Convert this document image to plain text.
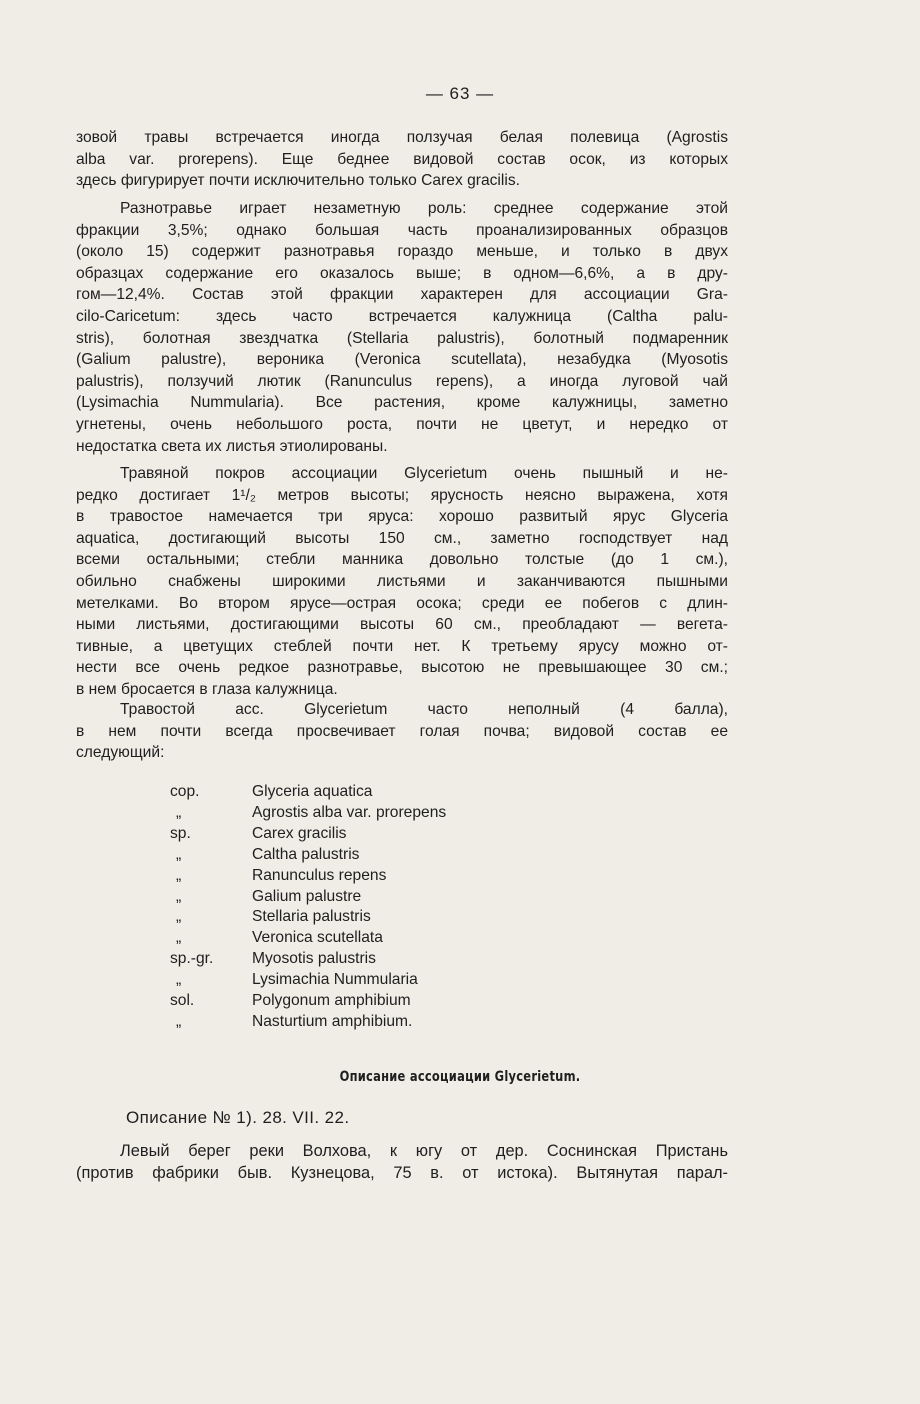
— 63 —

зовой травы встречается иногда ползучая белая полевица (Agrostis

alba var. prorepens). Еще беднее видовой состав осок, из которых

здесь фигурирует почти исключительно только Carex gracilis.

Разнотравье играет незаметную роль: среднее содержание этой

фракции 3,5%; однако большая часть проанализированных образцов

(около 15) содержит разнотравья гораздо меньше, и только в двух

образцах содержание его оказалось выше; в одном—6,6%, а в дру-

гом—12,4%. Состав этой фракции характерен для ассоциации Gra-

cilo-Caricetum: здесь часто встречается калужница (Caltha palu-

stris), болотная звездчатка (Stellaria palustris), болотный подмаренник

(Galium palustre), вероника (Veronica scutellata), незабудка (Myosotis

palustris), ползучий лютик (Ranunculus repens), а иногда луговой чай

(Lysimachia Nummularia). Все растения, кроме калужницы, заметно

угнетены, очень небольшого роста, почти не цветут, и нередко от

недостатка света их листья этиолированы.

Травяной покров ассоциации Glycerietum очень пышный и не-

редко достигает 1¹/₂ метров высоты; ярусность неясно выражена, хотя

в травостое намечается три яруса: хорошо развитый ярус Glyceria

aquatica, достигающий высоты 150 см., заметно господствует над

всеми остальными; стебли манника довольно толстые (до 1 см.),

обильно снабжены широкими листьями и заканчиваются пышными

метелками. Во втором ярусе—острая осока; среди ее побегов с длин-

ными листьями, достигающими высоты 60 см., преобладают — вегета-

тивные, а цветущих стеблей почти нет. К третьему ярусу можно от-

нести все очень редкое разнотравье, высотою не превышающее 30 см.;

в нем бросается в глаза калужница.

Травостой асс. Glycerietum часто неполный (4 балла),

в нем почти всегда просвечивает голая почва; видовой состав ее

следующий:

cop.	Glyceria aquatica
„	Agrostis alba var. prorepens
sp.	Carex gracilis
„	Caltha palustris
„	Ranunculus repens
„	Galium palustre
„	Stellaria palustris
„	Veronica scutellata
sp.-gr.	Myosotis palustris
„	Lysimachia Nummularia
sol.	Polygonum amphibium
„	Nasturtium amphibium.
Описание ассоциации Glycerietum.
Описание № 1). 28. VII. 22.

Левый берег реки Волхова, к югу от дер. Соснинская Пристань

(против фабрики быв. Кузнецова, 75 в. от истока). Вытянутая парал-
